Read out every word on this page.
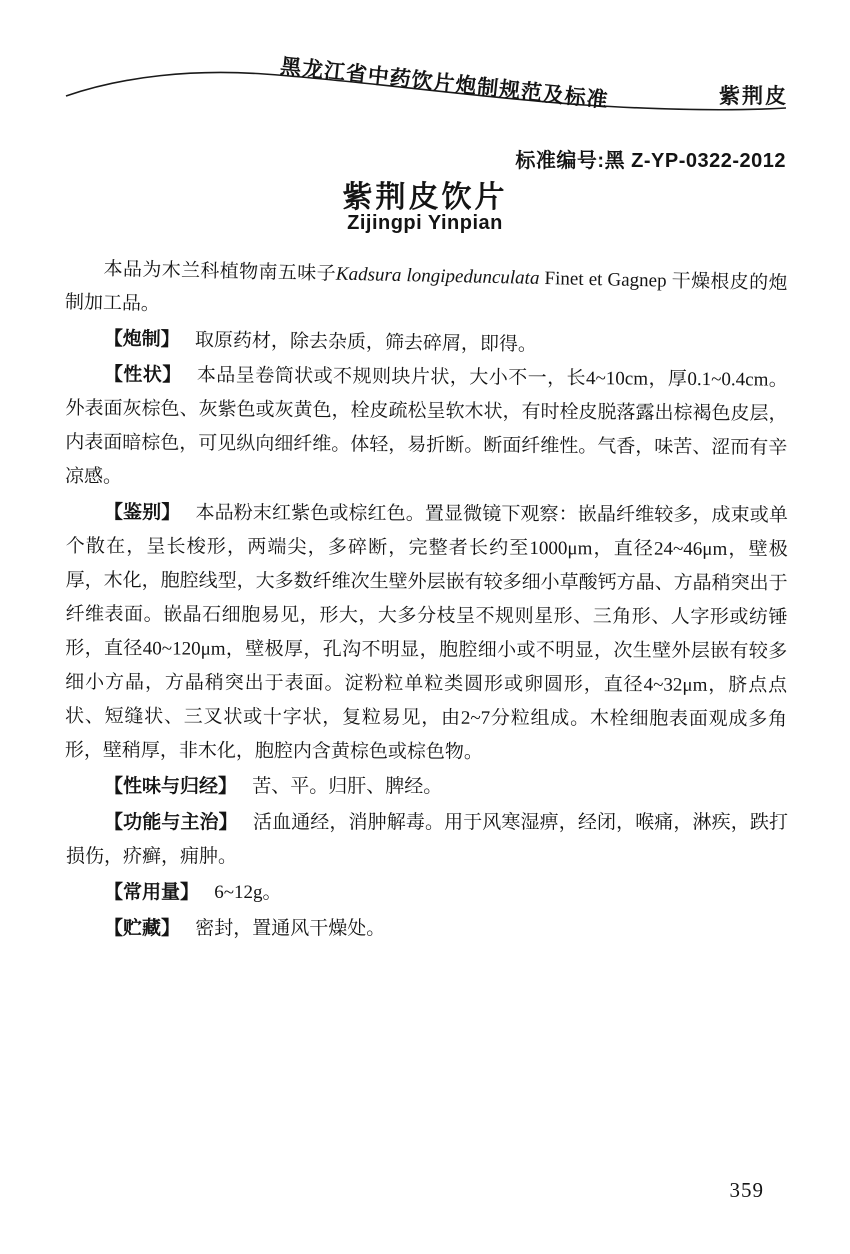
黑龙江省中药饮片炮制规范及标准	紫荆皮
标准编号:黑 Z-YP-0322-2012
紫荆皮饮片
Zijingpi Yinpian

本品为木兰科植物南五味子Kadsura longipedunculata Finet et Gagnep 干燥根皮的炮制加工品。

【炮制】 取原药材，除去杂质，筛去碎屑，即得。

【性状】 本品呈卷筒状或不规则块片状，大小不一，长4~10cm，厚0.1~0.4cm。外表面灰棕色、灰紫色或灰黄色，栓皮疏松呈软木状，有时栓皮脱落露出棕褐色皮层，内表面暗棕色，可见纵向细纤维。体轻，易折断。断面纤维性。气香，味苦、涩而有辛凉感。

【鉴别】 本品粉末红紫色或棕红色。置显微镜下观察：嵌晶纤维较多，成束或单个散在，呈长梭形，两端尖，多碎断，完整者长约至1000μm，直径24~46μm，壁极厚，木化，胞腔线型，大多数纤维次生壁外层嵌有较多细小草酸钙方晶、方晶稍突出于纤维表面。嵌晶石细胞易见，形大，大多分枝呈不规则星形、三角形、人字形或纺锤形，直径40~120μm，壁极厚，孔沟不明显，胞腔细小或不明显，次生壁外层嵌有较多细小方晶，方晶稍突出于表面。淀粉粒单粒类圆形或卵圆形，直径4~32μm，脐点点状、短缝状、三叉状或十字状，复粒易见，由2~7分粒组成。木栓细胞表面观成多角形，壁稍厚，非木化，胞腔内含黄棕色或棕色物。

【性味与归经】 苦、平。归肝、脾经。

【功能与主治】 活血通经，消肿解毒。用于风寒湿痹，经闭，喉痛，淋疾，跌打损伤，疥癣，痈肿。

【常用量】 6~12g。

【贮藏】 密封，置通风干燥处。

359
